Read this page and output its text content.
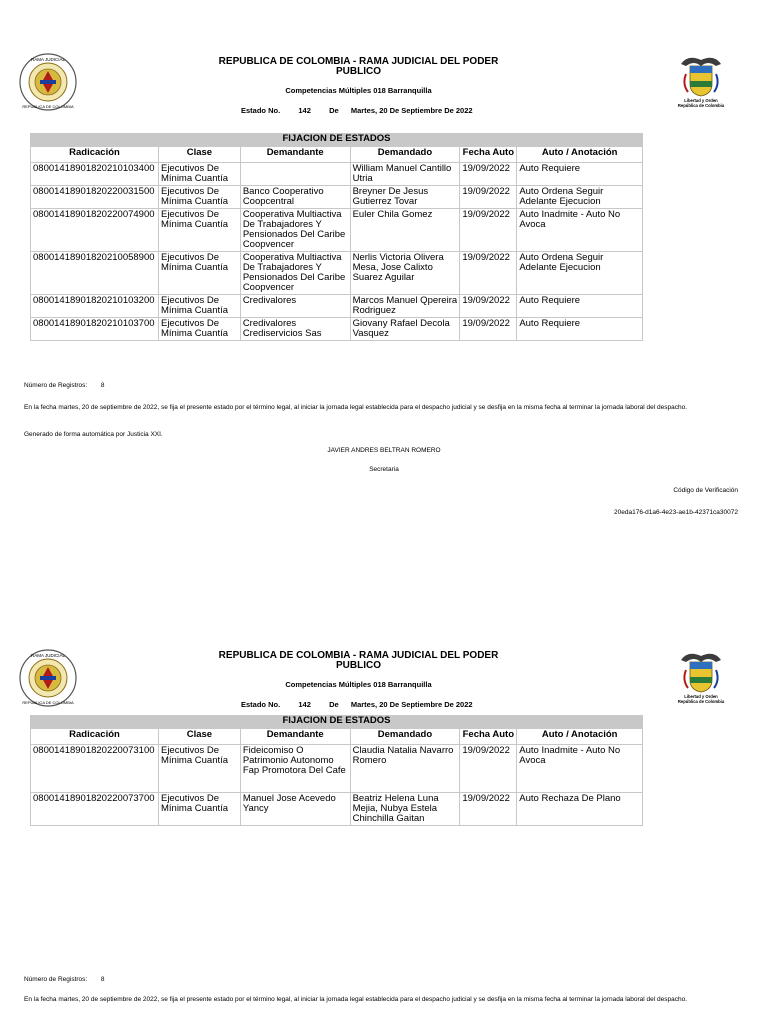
RAMA JUDICIAL
REPUBLICA DE COLOMBIA
Libertad y Orden
República de Colombia
REPUBLICA DE COLOMBIA - RAMA JUDICIAL DEL PODER
PUBLICO
Competencias Múltiples 018 Barranquilla
Estado No. 142 De Martes, 20 De Septiembre De 2022
FIJACION DE ESTADOS					
Radicación	Clase	Demandante	Demandado	Fecha Auto	Auto / Anotación
08001418901820210103400	Ejecutivos De Mínima Cuantía		William Manuel Cantillo Utria	19/09/2022	Auto Requiere
08001418901820220031500	Ejecutivos De Mínima Cuantía	Banco Cooperativo Coopcentral	Breyner De Jesus Gutierrez Tovar	19/09/2022	Auto Ordena Seguir Adelante Ejecucion
08001418901820220074900	Ejecutivos De Mínima Cuantía	Cooperativa Multiactiva De Trabajadores Y Pensionados Del Caribe Coopvencer	Euler Chila Gomez	19/09/2022	Auto Inadmite - Auto No Avoca
08001418901820210058900	Ejecutivos De Mínima Cuantía	Cooperativa Multiactiva De Trabajadores Y Pensionados Del Caribe Coopvencer	Nerlis Victoria Olivera Mesa, Jose Calixto Suarez Aguilar	19/09/2022	Auto Ordena Seguir Adelante Ejecucion
08001418901820210103200	Ejecutivos De Mínima Cuantía	Credivalores	Marcos Manuel Qpereira Rodriguez	19/09/2022	Auto Requiere
08001418901820210103700	Ejecutivos De Mínima Cuantía	Credivalores Crediservicios Sas	Giovany Rafael Decola Vasquez	19/09/2022	Auto Requiere
Número de Registros: 8
En la fecha martes, 20 de septiembre de 2022, se fija el presente estado por el término legal, al iniciar la jornada legal establecida para el despacho judicial y se desfija en la misma fecha al terminar la jornada laboral del despacho.
Generado de forma automática por Justicia XXI.
JAVIER ANDRES BELTRAN ROMERO
Secretaria
Código de Verificación
20eda176-d1a6-4e23-ae1b-42371ca30072
RAMA JUDICIAL
REPUBLICA DE COLOMBIA
Libertad y Orden
República de Colombia
REPUBLICA DE COLOMBIA - RAMA JUDICIAL DEL PODER
PUBLICO
Competencias Múltiples 018 Barranquilla
Estado No. 142 De Martes, 20 De Septiembre De 2022
FIJACION DE ESTADOS					
Radicación	Clase	Demandante	Demandado	Fecha Auto	Auto / Anotación
08001418901820220073100	Ejecutivos De Mínima Cuantía	Fideicomiso O Patrimonio Autonomo Fap Promotora Del Cafe	Claudia Natalia Navarro Romero	19/09/2022	Auto Inadmite - Auto No Avoca
08001418901820220073700	Ejecutivos De Mínima Cuantía	Manuel Jose Acevedo Yancy	Beatriz Helena Luna Mejia, Nubya Estela Chinchilla Gaitan	19/09/2022	Auto Rechaza De Plano
Número de Registros: 8
En la fecha martes, 20 de septiembre de 2022, se fija el presente estado por el término legal, al iniciar la jornada legal establecida para el despacho judicial y se desfija en la misma fecha al terminar la jornada laboral del despacho.
